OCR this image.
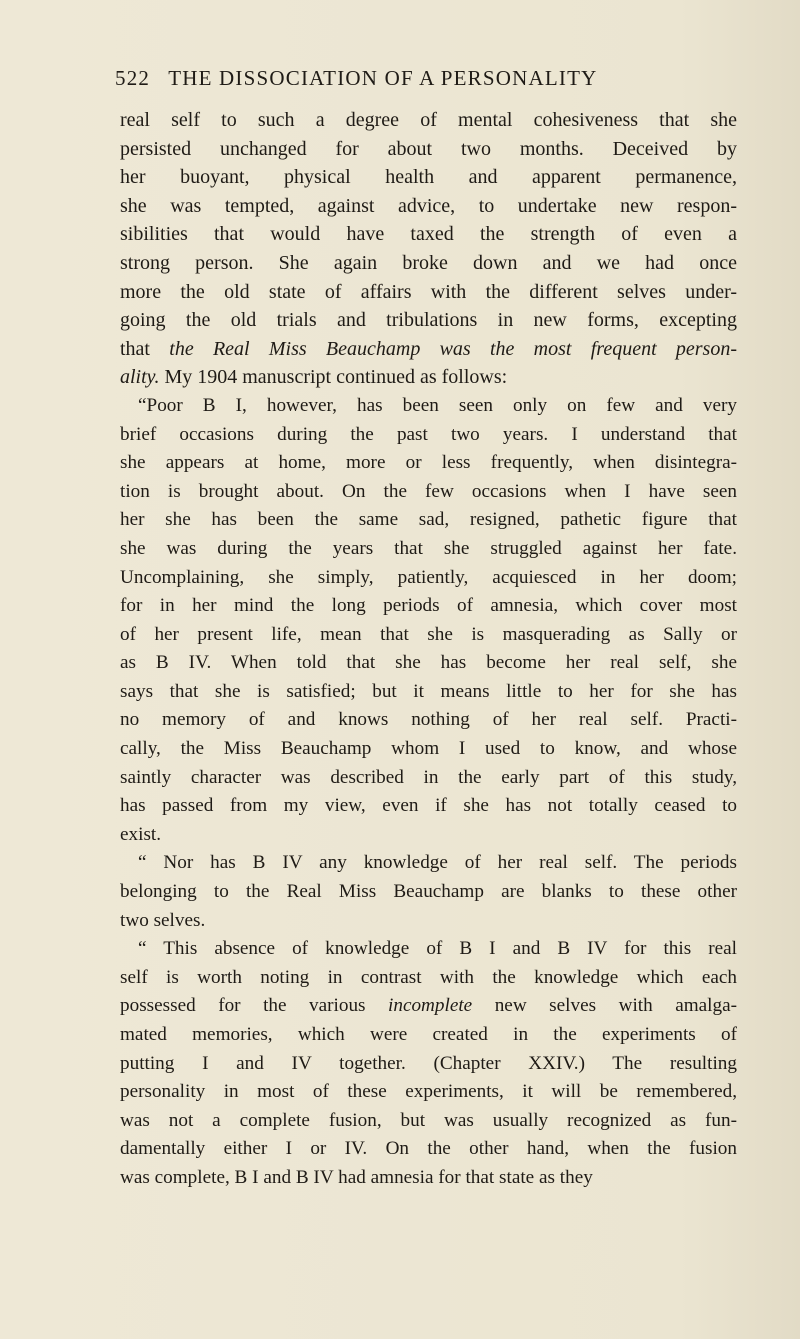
522 THE DISSOCIATION OF A PERSONALITY
real self to such a degree of mental cohesiveness that she
persisted unchanged for about two months. Deceived by
her buoyant, physical health and apparent permanence,
she was tempted, against advice, to undertake new respon-
sibilities that would have taxed the strength of even a
strong person. She again broke down and we had once
more the old state of affairs with the different selves under-
going the old trials and tribulations in new forms, excepting
that the Real Miss Beauchamp was the most frequent person-
ality. My 1904 manuscript continued as follows:
“Poor B I, however, has been seen only on few and very
brief occasions during the past two years. I understand that
she appears at home, more or less frequently, when disintegra-
tion is brought about. On the few occasions when I have seen
her she has been the same sad, resigned, pathetic figure that
she was during the years that she struggled against her fate.
Uncomplaining, she simply, patiently, acquiesced in her doom;
for in her mind the long periods of amnesia, which cover most
of her present life, mean that she is masquerading as Sally or
as B IV. When told that she has become her real self, she
says that she is satisfied; but it means little to her for she has
no memory of and knows nothing of her real self. Practi-
cally, the Miss Beauchamp whom I used to know, and whose
saintly character was described in the early part of this study,
has passed from my view, even if she has not totally ceased to
exist.
“ Nor has B IV any knowledge of her real self. The periods
belonging to the Real Miss Beauchamp are blanks to these other
two selves.
“ This absence of knowledge of B I and B IV for this real
self is worth noting in contrast with the knowledge which each
possessed for the various incomplete new selves with amalga-
mated memories, which were created in the experiments of
putting I and IV together. (Chapter XXIV.) The resulting
personality in most of these experiments, it will be remembered,
was not a complete fusion, but was usually recognized as fun-
damentally either I or IV. On the other hand, when the fusion
was complete, B I and B IV had amnesia for that state as they
